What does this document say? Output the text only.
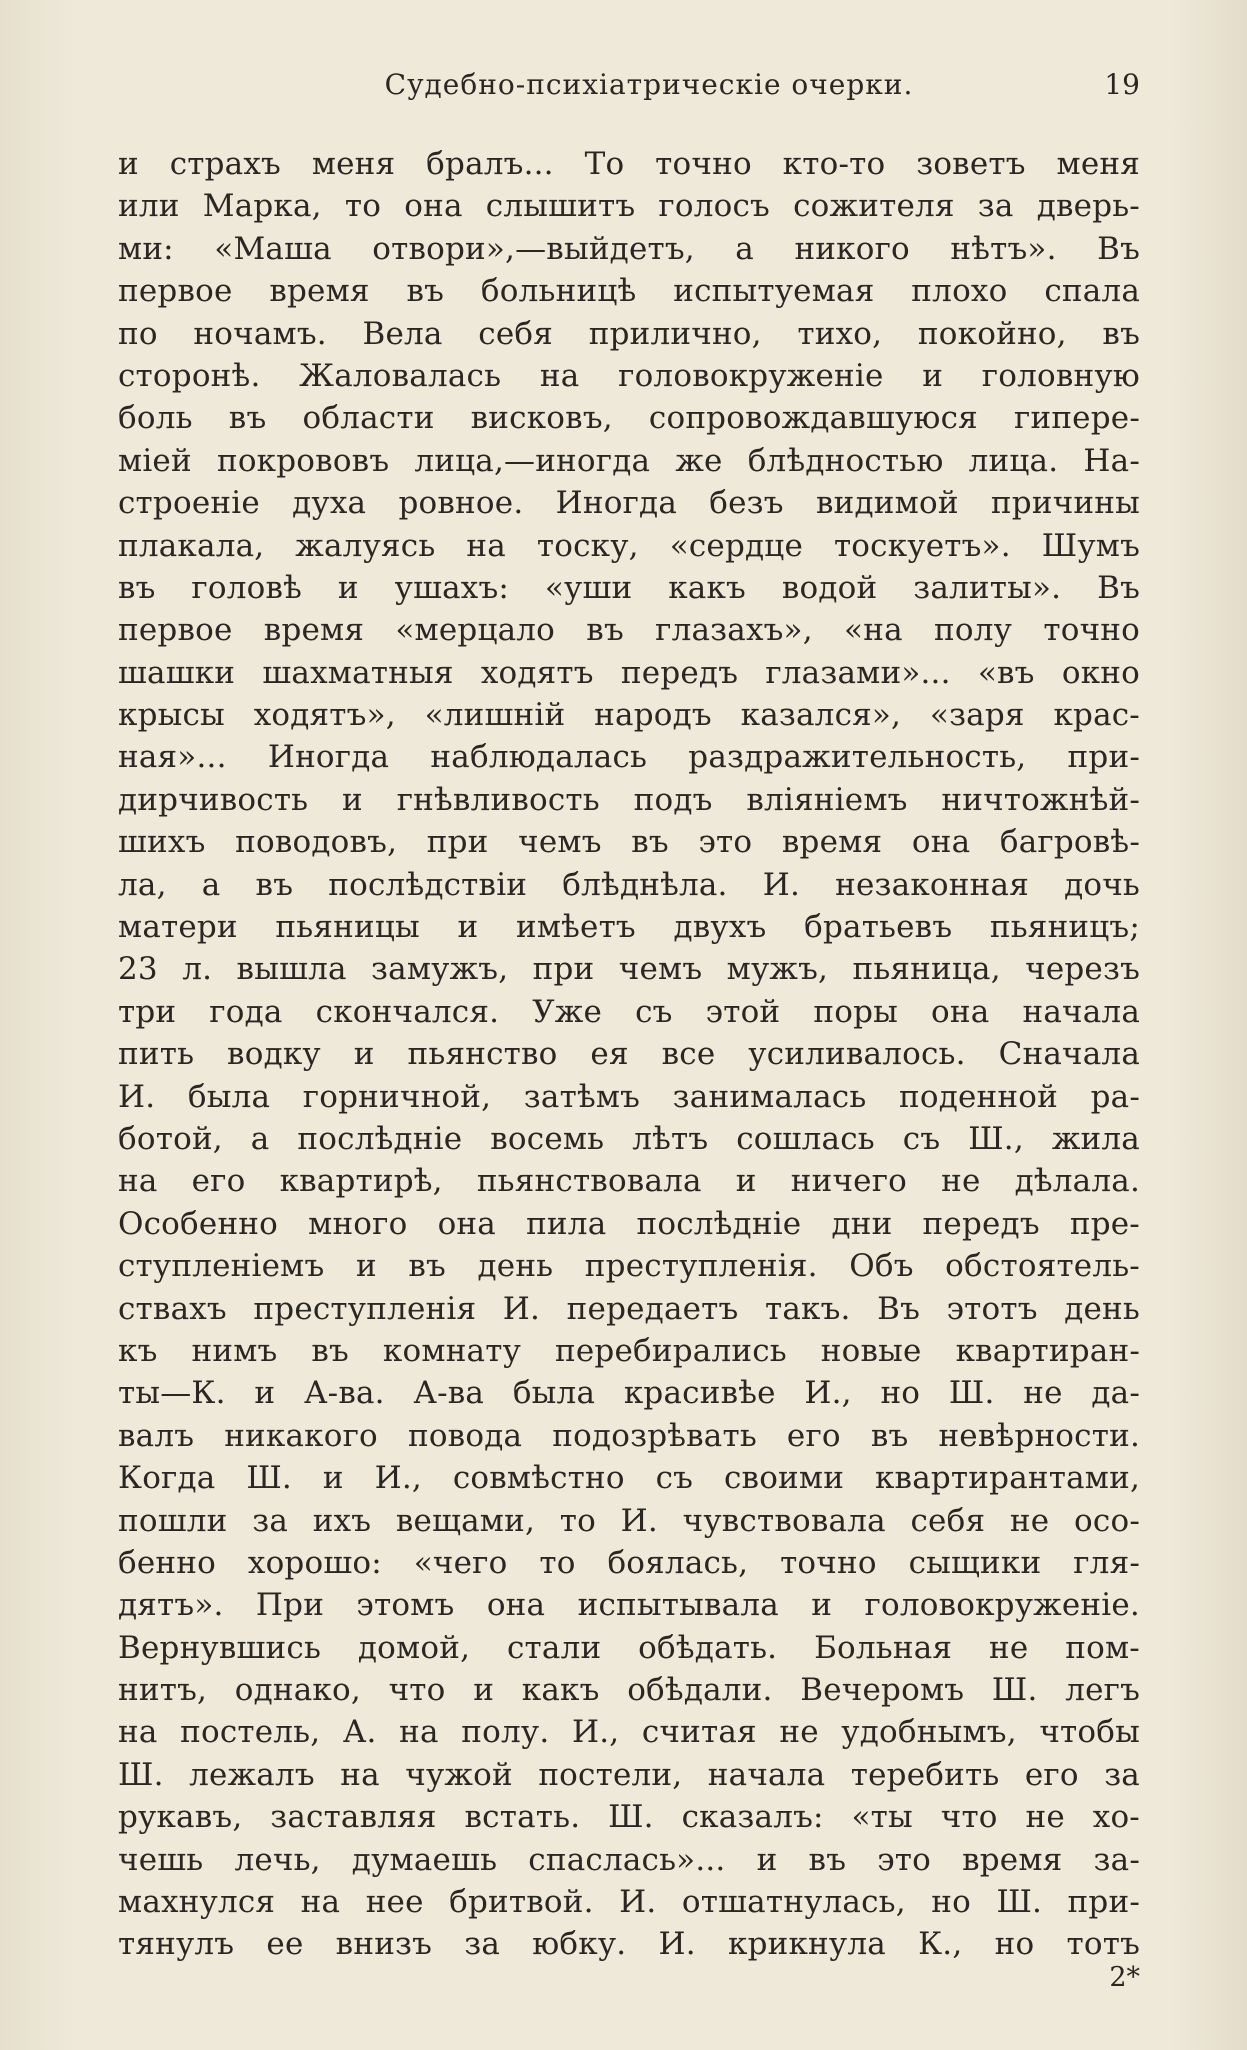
Судебно-психiатрическiе очерки.	19
и страхъ меня бралъ... То точно кто-то зоветъ меня
или Марка, то она слышитъ голосъ сожителя за дверь-
ми: «Маша отвори»,—выйдетъ, а никого нѣтъ». Въ
первое время въ больницѣ испытуемая плохо спала
по ночамъ. Вела себя прилично, тихо, покойно, въ
сторонѣ. Жаловалась на головокруженiе и головную
боль въ области висковъ, сопровождавшуюся гипере-
мiей покрововъ лица,—иногда же блѣдностью лица. На-
строенiе духа ровное. Иногда безъ видимой причины
плакала, жалуясь на тоску, «сердце тоскуетъ». Шумъ
въ головѣ и ушахъ: «уши какъ водой залиты». Въ
первое время «мерцало въ глазахъ», «на полу точно
шашки шахматныя ходятъ передъ глазами»... «въ окно
крысы ходятъ», «лишнiй народъ казался», «заря крас-
ная»... Иногда наблюдалась раздражительность, при-
дирчивость и гнѣвливость подъ влiянiемъ ничтожнѣй-
шихъ поводовъ, при чемъ въ это время она багровѣ-
ла, а въ послѣдствiи блѣднѣла. И. незаконная дочь
матери пьяницы и имѣетъ двухъ братьевъ пьяницъ;
23 л. вышла замужъ, при чемъ мужъ, пьяница, черезъ
три года скончался. Уже съ этой поры она начала
пить водку и пьянство ея все усиливалось. Сначала
И. была горничной, затѣмъ занималась поденной ра-
ботой, а послѣднiе восемь лѣтъ сошлась съ Ш., жила
на его квартирѣ, пьянствовала и ничего не дѣлала.
Особенно много она пила послѣднiе дни передъ пре-
ступленiемъ и въ день преступленiя. Объ обстоятель-
ствахъ преступленiя И. передаетъ такъ. Въ этотъ день
къ нимъ въ комнату перебирались новые квартиран-
ты—К. и А-ва. А-ва была красивѣе И., но Ш. не да-
валъ никакого повода подозрѣвать его въ невѣрности.
Когда Ш. и И., совмѣстно съ своими квартирантами,
пошли за ихъ вещами, то И. чувствовала себя не осо-
бенно хорошо: «чего то боялась, точно сыщики гля-
дятъ». При этомъ она испытывала и головокруженiе.
Вернувшись домой, стали обѣдать. Больная не пом-
нитъ, однако, что и какъ обѣдали. Вечеромъ Ш. легъ
на постель, А. на полу. И., считая не удобнымъ, чтобы
Ш. лежалъ на чужой постели, начала теребить его за
рукавъ, заставляя встать. Ш. сказалъ: «ты что не хо-
чешь лечь, думаешь спаслась»... и въ это время за-
махнулся на нее бритвой. И. отшатнулась, но Ш. при-
тянулъ ее внизъ за юбку. И. крикнула К., но тотъ
2*
